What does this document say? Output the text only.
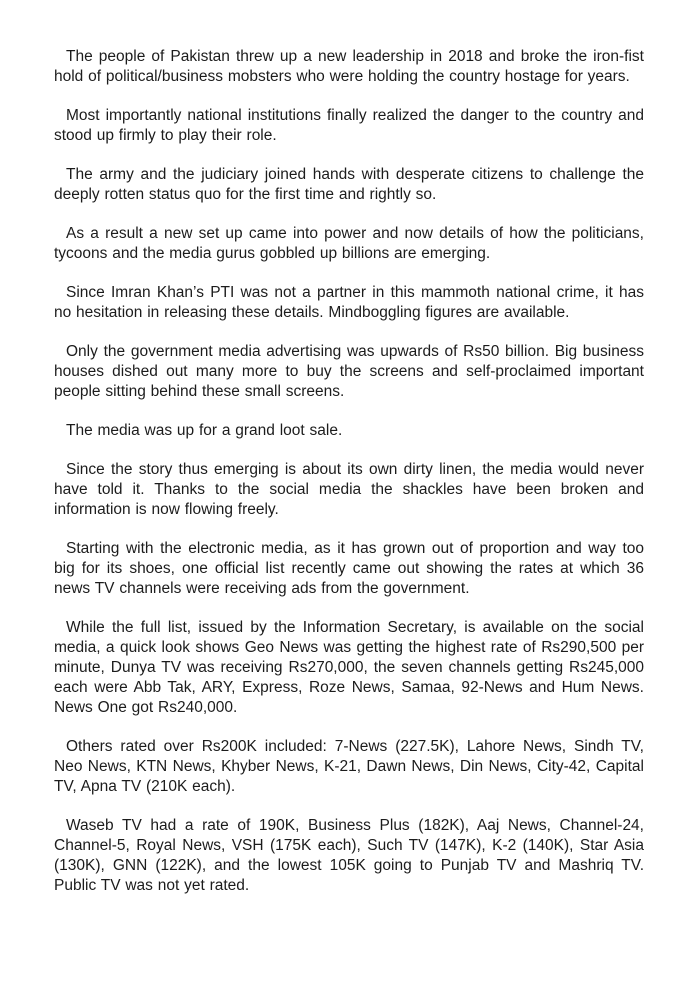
The people of Pakistan threw up a new leadership in 2018 and broke the iron-fist hold of political/business mobsters who were holding the country hostage for years.

Most importantly national institutions finally realized the danger to the country and stood up firmly to play their role.

The army and the judiciary joined hands with desperate citizens to challenge the deeply rotten status quo for the first time and rightly so.

As a result a new set up came into power and now details of how the politicians, tycoons and the media gurus gobbled up billions are emerging.

Since Imran Khan’s PTI was not a partner in this mammoth national crime, it has no hesitation in releasing these details. Mindboggling figures are available.

Only the government media advertising was upwards of Rs50 billion. Big business houses dished out many more to buy the screens and self-proclaimed important people sitting behind these small screens.

The media was up for a grand loot sale.

Since the story thus emerging is about its own dirty linen, the media would never have told it. Thanks to the social media the shackles have been broken and information is now flowing freely.

Starting with the electronic media, as it has grown out of proportion and way too big for its shoes, one official list recently came out showing the rates at which 36 news TV channels were receiving ads from the government.

While the full list, issued by the Information Secretary, is available on the social media, a quick look shows Geo News was getting the highest rate of Rs290,500 per minute, Dunya TV was receiving Rs270,000, the seven channels getting Rs245,000 each were Abb Tak, ARY, Express, Roze News, Samaa, 92-News and Hum News. News One got Rs240,000.

Others rated over Rs200K included: 7-News (227.5K), Lahore News, Sindh TV, Neo News, KTN News, Khyber News, K-21, Dawn News, Din News, City-42, Capital TV, Apna TV (210K each).

Waseb TV had a rate of 190K, Business Plus (182K), Aaj News, Channel-24, Channel-5, Royal News, VSH (175K each), Such TV (147K), K-2 (140K), Star Asia (130K), GNN (122K), and the lowest 105K going to Punjab TV and Mashriq TV. Public TV was not yet rated.
